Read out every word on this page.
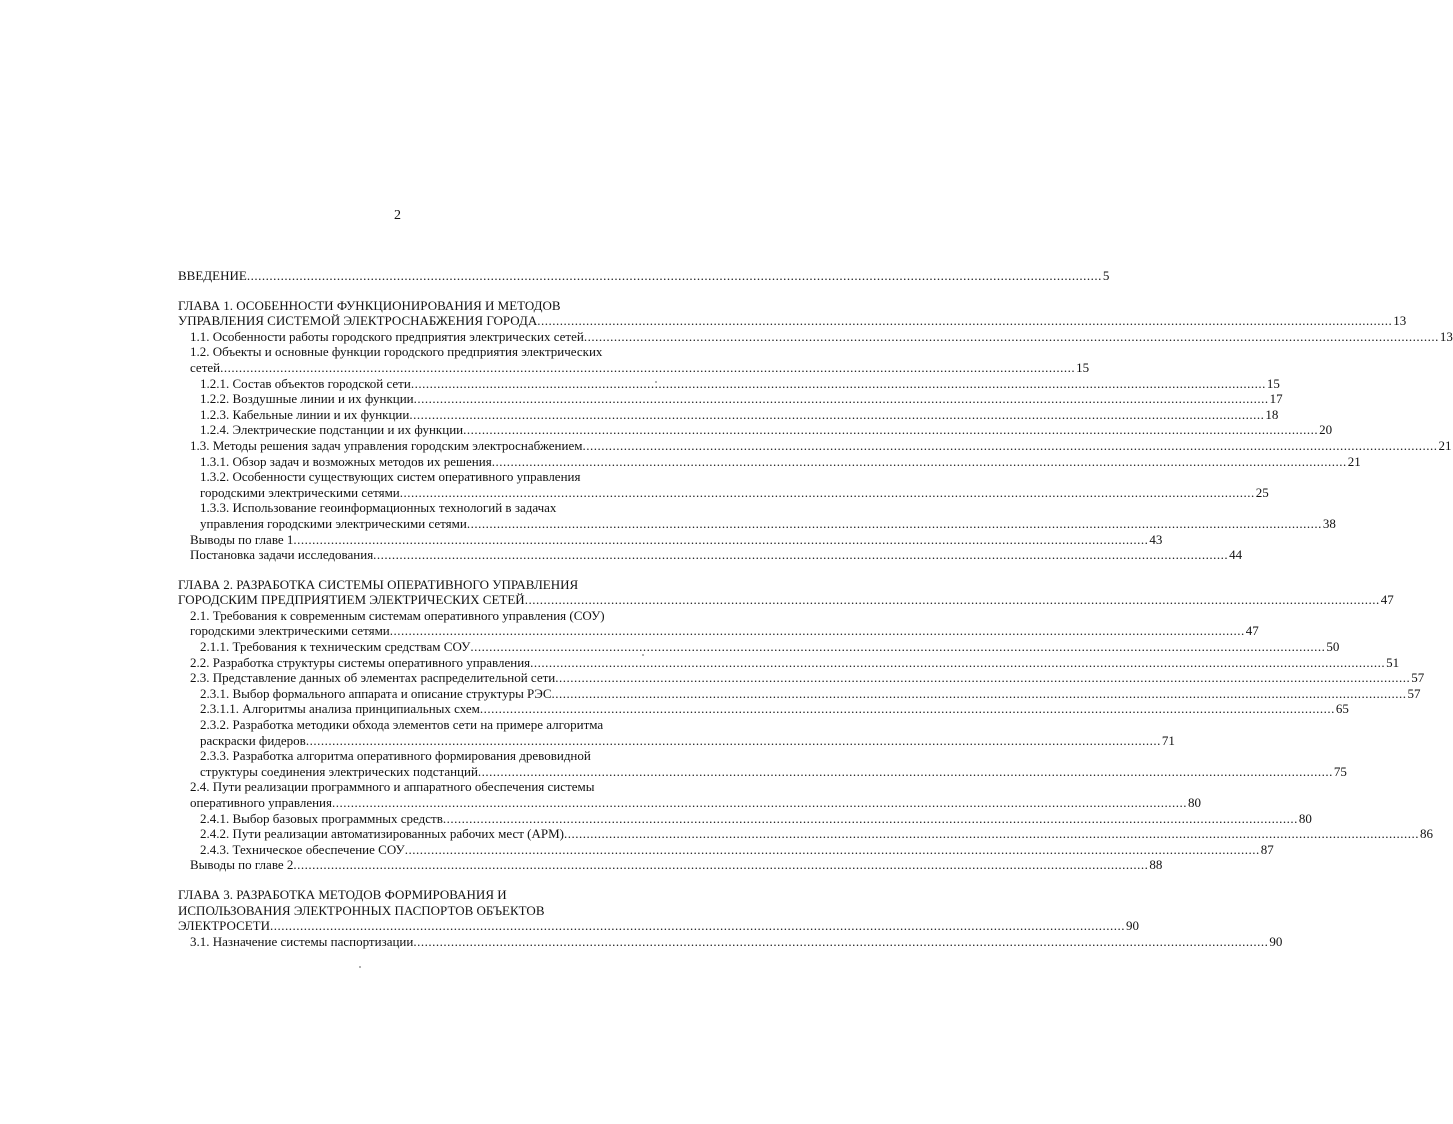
2
ВВЕДЕНИЕ .....	5
ГЛАВА 1. ОСОБЕННОСТИ ФУНКЦИОНИРОВАНИЯ И МЕТОДОВ
УПРАВЛЕНИЯ СИСТЕМОЙ ЭЛЕКТРОСНАБЖЕНИЯ ГОРОДА .....	13
1.1. Особенности работы городского предприятия электрических сетей .....	13
1.2. Объекты и основные функции городского предприятия электрических
сетей .....	15
1.2.1. Состав объектов городской сети .....	15
1.2.2. Воздушные линии и их функции .....	17
1.2.3. Кабельные линии и их функции .....	18
1.2.4. Электрические подстанции и их функции .....	20
1.3. Методы решения задач управления городским электроснабжением .....	21
1.3.1. Обзор задач и возможных методов их решения .....	21
1.3.2. Особенности существующих систем оперативного управления
городскими электрическими сетями .....	25
1.3.3. Использование геоинформационных технологий в задачах
управления городскими электрическими сетями .....	38
Выводы по главе 1 .....	43
Постановка задачи исследования .....	44
ГЛАВА 2. РАЗРАБОТКА СИСТЕМЫ ОПЕРАТИВНОГО УПРАВЛЕНИЯ
ГОРОДСКИМ ПРЕДПРИЯТИЕМ ЭЛЕКТРИЧЕСКИХ СЕТЕЙ .....	47
2.1. Требования к современным системам оперативного управления (СОУ)
городскими электрическими сетями .....	47
2.1.1. Требования к техническим средствам СОУ .....	50
2.2. Разработка структуры системы оперативного управления .....	51
2.3. Представление данных об элементах распределительной сети .....	57
2.3.1. Выбор формального аппарата и описание структуры РЭС .....	57
2.3.1.1. Алгоритмы анализа принципиальных схем .....	65
2.3.2. Разработка методики обхода элементов сети на примере алгоритма
раскраски фидеров .....	71
2.3.3. Разработка алгоритма оперативного формирования древовидной
структуры соединения электрических подстанций .....	75
2.4. Пути реализации программного и аппаратного обеспечения системы
оперативного управления .....	80
2.4.1. Выбор базовых программных средств .....	80
2.4.2. Пути реализации автоматизированных рабочих мест (АРМ) .....	86
2.4.3. Техническое обеспечение СОУ .....	87
Выводы по главе 2 .....	88
ГЛАВА 3. РАЗРАБОТКА МЕТОДОВ ФОРМИРОВАНИЯ И
ИСПОЛЬЗОВАНИЯ ЭЛЕКТРОННЫХ ПАСПОРТОВ ОБЪЕКТОВ
ЭЛЕКТРОСЕТИ .....	90
3.1. Назначение системы паспортизации .....	90
